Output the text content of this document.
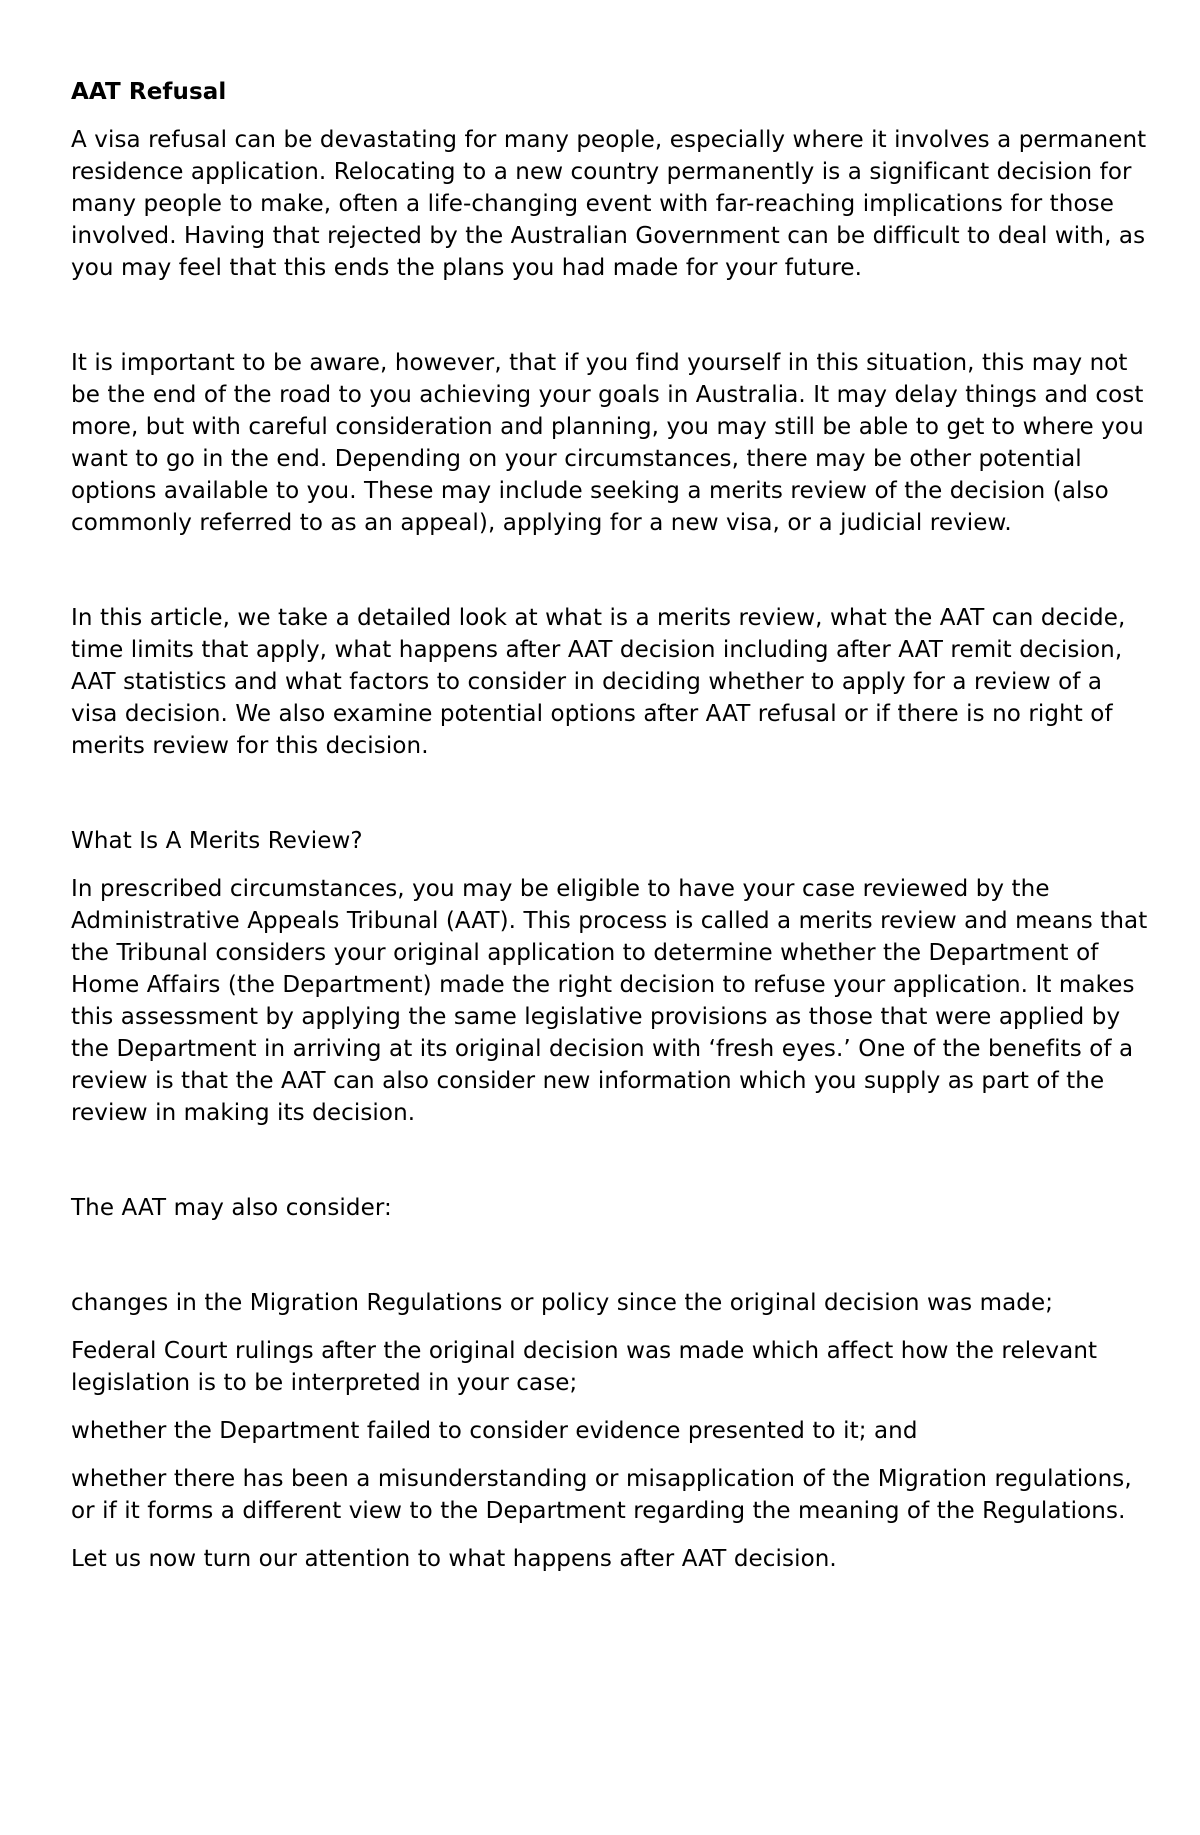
AAT Refusal

A visa refusal can be devastating for many people, especially where it involves a permanent residence application. Relocating to a new country permanently is a significant decision for many people to make, often a life-changing event with far-reaching implications for those involved. Having that rejected by the Australian Government can be difficult to deal with, as you may feel that this ends the plans you had made for your future.

It is important to be aware, however, that if you find yourself in this situation, this may not be the end of the road to you achieving your goals in Australia. It may delay things and cost more, but with careful consideration and planning, you may still be able to get to where you want to go in the end. Depending on your circumstances, there may be other potential options available to you. These may include seeking a merits review of the decision (also commonly referred to as an appeal), applying for a new visa, or a judicial review.

In this article, we take a detailed look at what is a merits review, what the AAT can decide, time limits that apply, what happens after AAT decision including after AAT remit decision, AAT statistics and what factors to consider in deciding whether to apply for a review of a visa decision. We also examine potential options after AAT refusal or if there is no right of merits review for this decision.

What Is A Merits Review?

In prescribed circumstances, you may be eligible to have your case reviewed by the Administrative Appeals Tribunal (AAT). This process is called a merits review and means that the Tribunal considers your original application to determine whether the Department of Home Affairs (the Department) made the right decision to refuse your application. It makes this assessment by applying the same legislative provisions as those that were applied by the Department in arriving at its original decision with ‘fresh eyes.’ One of the benefits of a review is that the AAT can also consider new information which you supply as part of the review in making its decision.

The AAT may also consider:

changes in the Migration Regulations or policy since the original decision was made;

Federal Court rulings after the original decision was made which affect how the relevant legislation is to be interpreted in your case;

whether the Department failed to consider evidence presented to it; and

whether there has been a misunderstanding or misapplication of the Migration regulations, or if it forms a different view to the Department regarding the meaning of the Regulations.

Let us now turn our attention to what happens after AAT decision.
